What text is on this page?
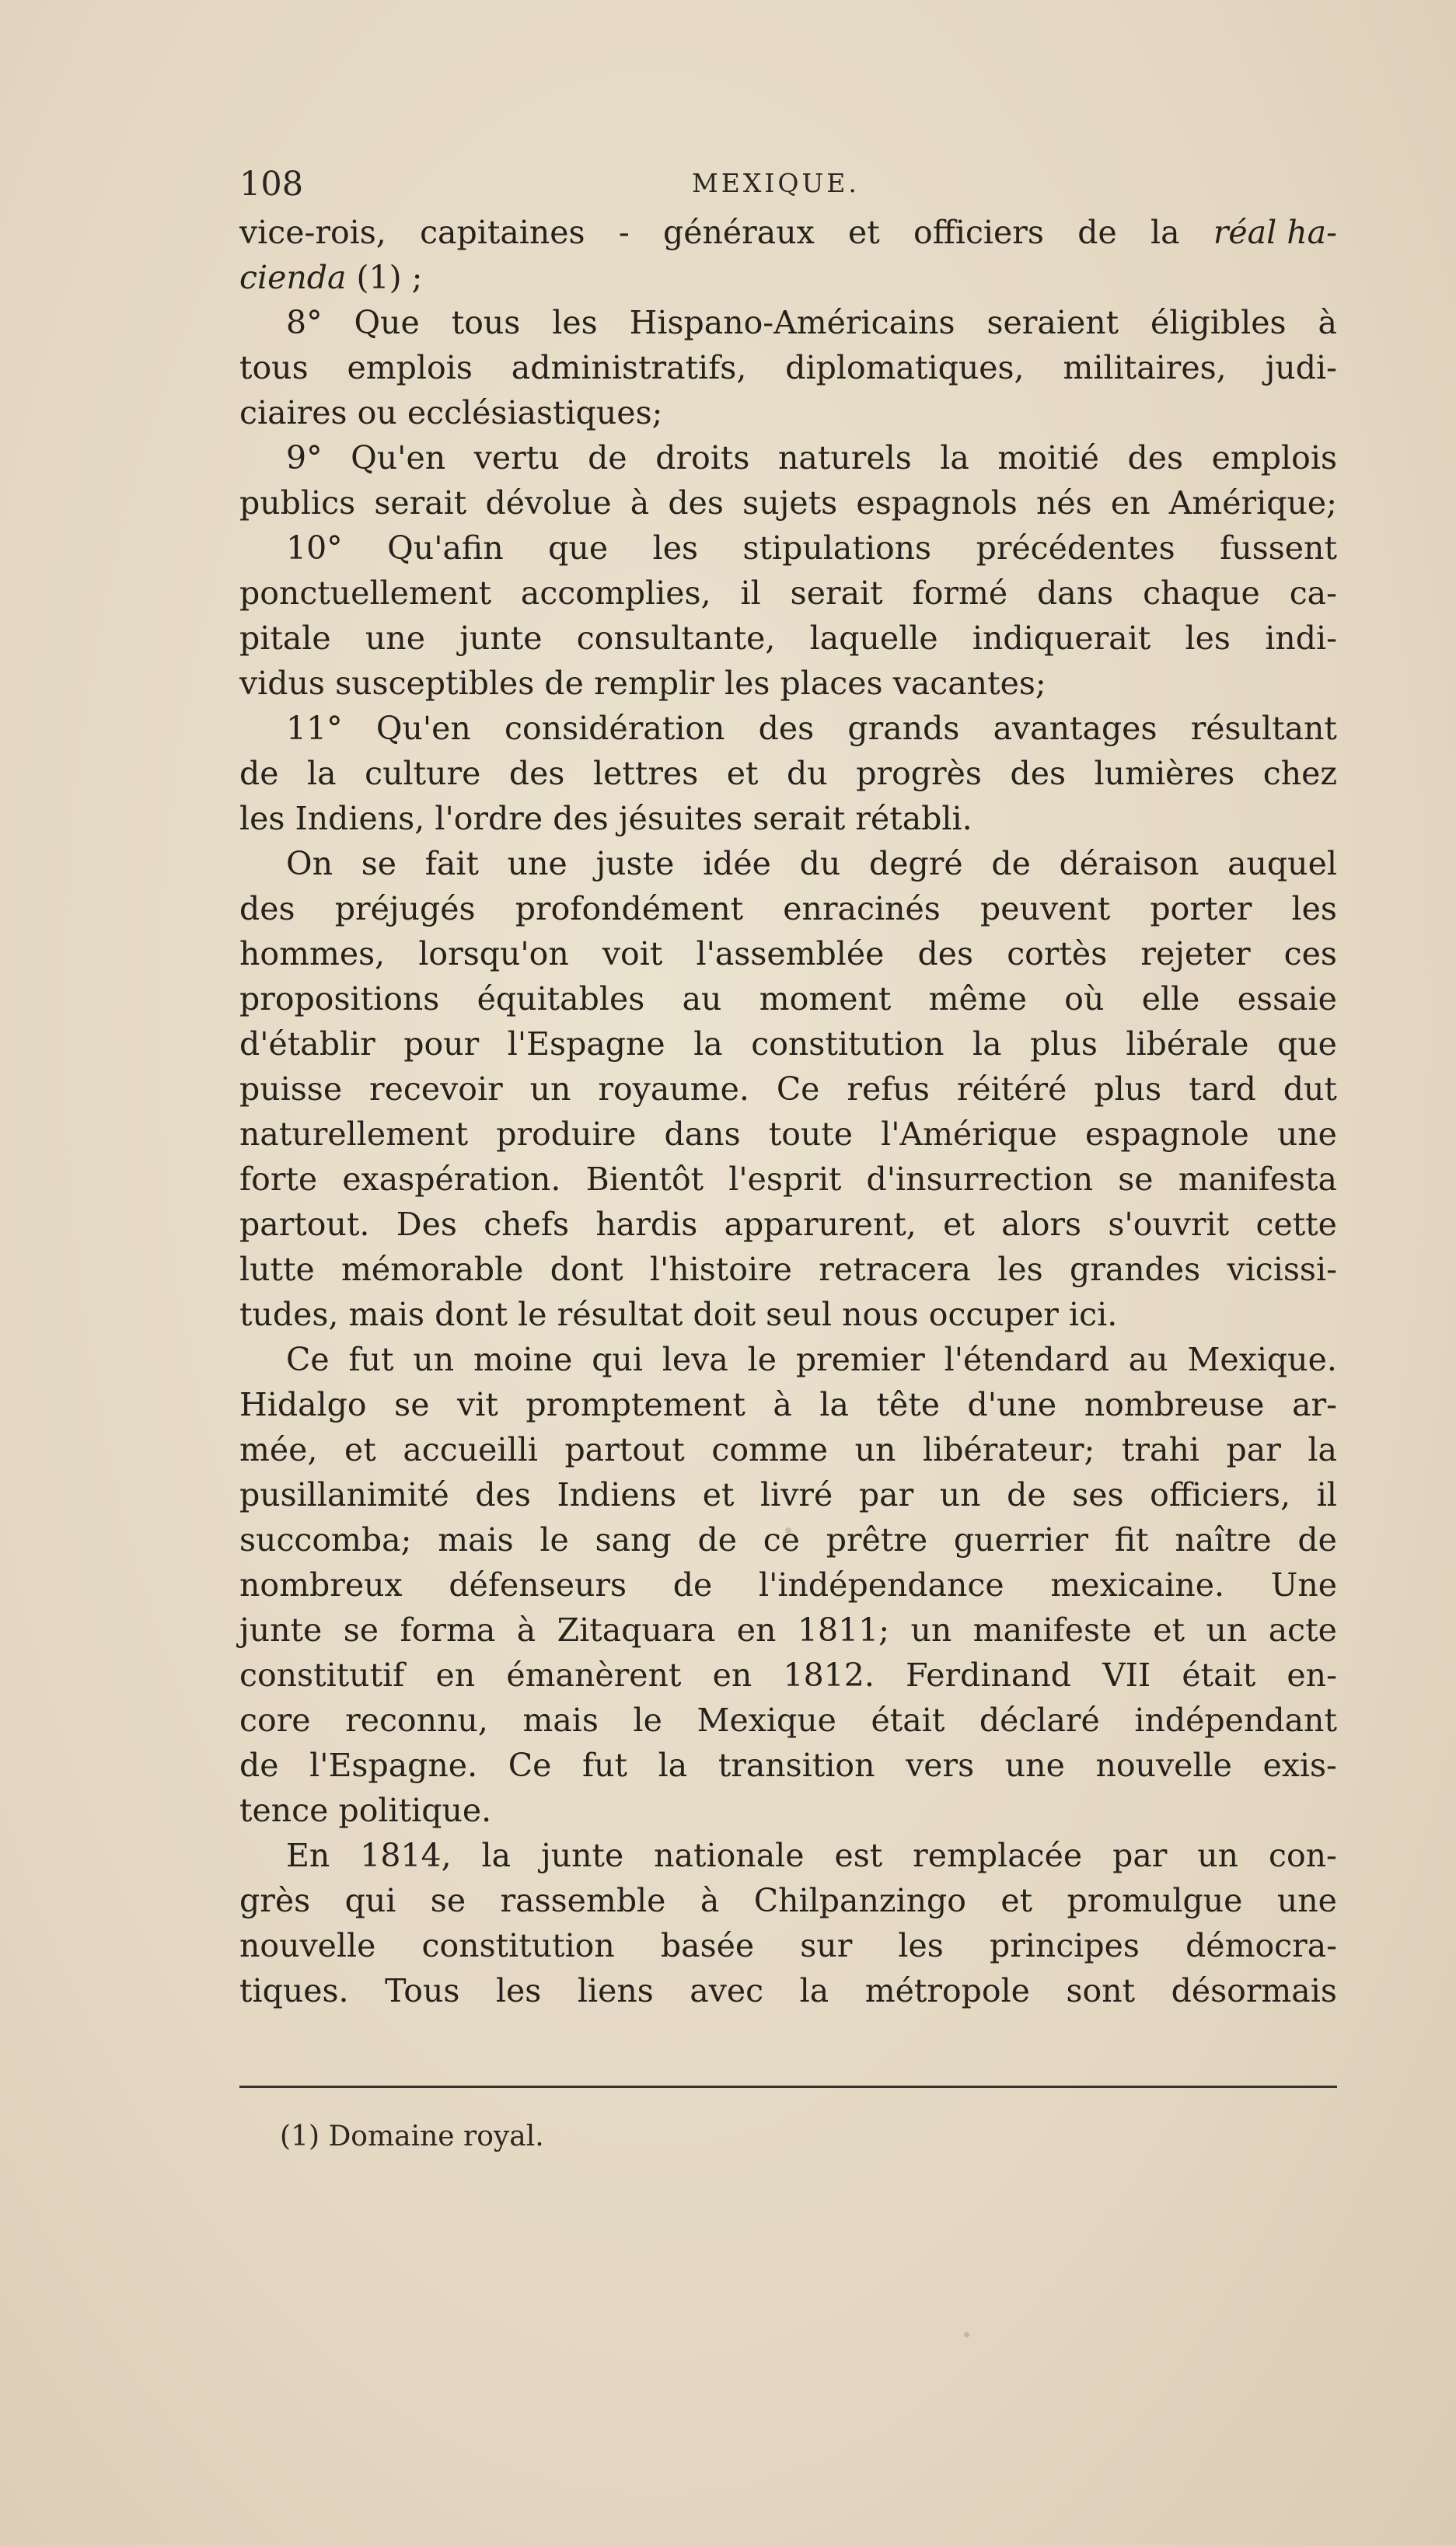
108	MEXIQUE.
vice-rois, capitaines - généraux et officiers de la réal ha-
cienda (1) ;
8° Que tous les Hispano-Américains seraient éligibles à
tous emplois administratifs, diplomatiques, militaires, judi-
ciaires ou ecclésiastiques;
9° Qu'en vertu de droits naturels la moitié des emplois
publics serait dévolue à des sujets espagnols nés en Amérique;
10° Qu'afin que les stipulations précédentes fussent
ponctuellement accomplies, il serait formé dans chaque ca-
pitale une junte consultante, laquelle indiquerait les indi-
vidus susceptibles de remplir les places vacantes;
11° Qu'en considération des grands avantages résultant
de la culture des lettres et du progrès des lumières chez
les Indiens, l'ordre des jésuites serait rétabli.
On se fait une juste idée du degré de déraison auquel
des préjugés profondément enracinés peuvent porter les
hommes, lorsqu'on voit l'assemblée des cortès rejeter ces
propositions équitables au moment même où elle essaie
d'établir pour l'Espagne la constitution la plus libérale que
puisse recevoir un royaume. Ce refus réitéré plus tard dut
naturellement produire dans toute l'Amérique espagnole une
forte exaspération. Bientôt l'esprit d'insurrection se manifesta
partout. Des chefs hardis apparurent, et alors s'ouvrit cette
lutte mémorable dont l'histoire retracera les grandes vicissi-
tudes, mais dont le résultat doit seul nous occuper ici.
Ce fut un moine qui leva le premier l'étendard au Mexique.
Hidalgo se vit promptement à la tête d'une nombreuse ar-
mée, et accueilli partout comme un libérateur; trahi par la
pusillanimité des Indiens et livré par un de ses officiers, il
succomba; mais le sang de ce prêtre guerrier fit naître de
nombreux défenseurs de l'indépendance mexicaine. Une
junte se forma à Zitaquara en 1811; un manifeste et un acte
constitutif en émanèrent en 1812. Ferdinand VII était en-
core reconnu, mais le Mexique était déclaré indépendant
de l'Espagne. Ce fut la transition vers une nouvelle exis-
tence politique.
En 1814, la junte nationale est remplacée par un con-
grès qui se rassemble à Chilpanzingo et promulgue une
nouvelle constitution basée sur les principes démocra-
tiques. Tous les liens avec la métropole sont désormais
(1) Domaine royal.
